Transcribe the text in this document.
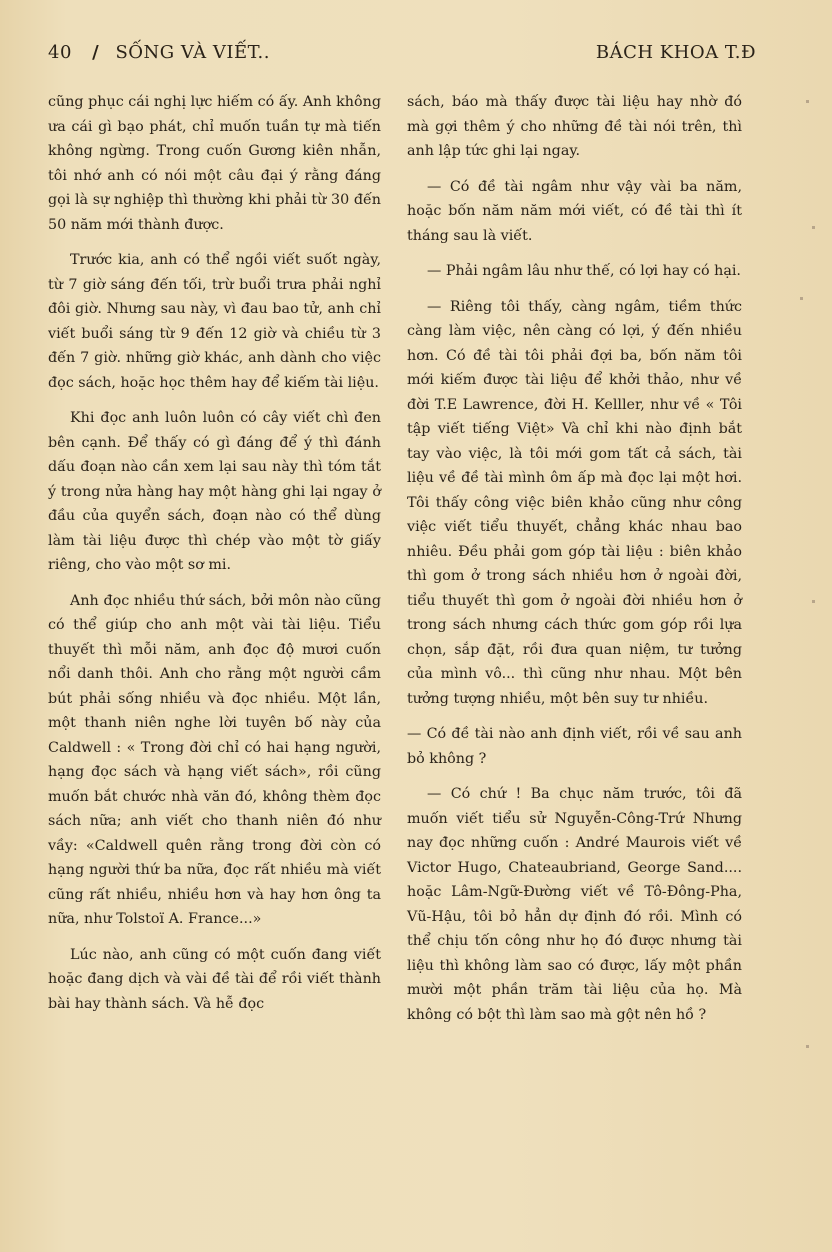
40 / SỐNG VÀ VIẾT..	BÁCH KHOA T.Đ

cũng phục cái nghị lực hiếm có ấy. Anh không ưa cái gì bạo phát, chỉ muốn tuần tự mà tiến không ngừng. Trong cuốn Gương kiên nhẫn, tôi nhớ anh có nói một câu đại ý rằng đáng gọi là sự nghiệp thì thường khi phải từ 30 đến 50 năm mới thành được.

Trước kia, anh có thể ngồi viết suốt ngày, từ 7 giờ sáng đến tối, trừ buổi trưa phải nghỉ đôi giờ. Nhưng sau này, vì đau bao tử, anh chỉ viết buổi sáng từ 9 đến 12 giờ và chiều từ 3 đến 7 giờ. những giờ khác, anh dành cho việc đọc sách, hoặc học thêm hay để kiếm tài liệu.

Khi đọc anh luôn luôn có cây viết chì đen bên cạnh. Để thấy có gì đáng để ý thì đánh dấu đoạn nào cần xem lại sau này thì tóm tắt ý trong nửa hàng hay một hàng ghi lại ngay ở đầu của quyển sách, đoạn nào có thể dùng làm tài liệu được thì chép vào một tờ giấy riêng, cho vào một sơ mi.

Anh đọc nhiều thứ sách, bởi môn nào cũng có thể giúp cho anh một vài tài liệu. Tiểu thuyết thì mỗi năm, anh đọc độ mươi cuốn nổi danh thôi. Anh cho rằng một người cầm bút phải sống nhiều và đọc nhiều. Một lần, một thanh niên nghe lời tuyên bố này của Caldwell : « Trong đời chỉ có hai hạng người, hạng đọc sách và hạng viết sách», rồi cũng muốn bắt chước nhà văn đó, không thèm đọc sách nữa; anh viết cho thanh niên đó như vầy: «Caldwell quên rằng trong đời còn có hạng người thứ ba nữa, đọc rất nhiều mà viết cũng rất nhiều, nhiều hơn và hay hơn ông ta nữa, như Tolstoï A. France...»

Lúc nào, anh cũng có một cuốn đang viết hoặc đang dịch và vài đề tài để rồi viết thành bài hay thành sách. Và hễ đọc

sách, báo mà thấy được tài liệu hay nhờ đó mà gợi thêm ý cho những đề tài nói trên, thì anh lập tức ghi lại ngay.

— Có đề tài ngâm như vậy vài ba năm, hoặc bốn năm năm mới viết, có đề tài thì ít tháng sau là viết.

— Phải ngâm lâu như thế, có lợi hay có hại.

— Riêng tôi thấy, càng ngâm, tiềm thức càng làm việc, nên càng có lợi, ý đến nhiều hơn. Có đề tài tôi phải đợi ba, bốn năm tôi mới kiếm được tài liệu để khởi thảo, như về đời T.E Lawrence, đời H. Kelller, như về « Tôi tập viết tiếng Việt» Và chỉ khi nào định bắt tay vào việc, là tôi mới gom tất cả sách, tài liệu về đề tài mình ôm ấp mà đọc lại một hơi. Tôi thấy công việc biên khảo cũng như công việc viết tiểu thuyết, chẳng khác nhau bao nhiêu. Đều phải gom góp tài liệu : biên khảo thì gom ở trong sách nhiều hơn ở ngoài đời, tiểu thuyết thì gom ở ngoài đời nhiều hơn ở trong sách nhưng cách thức gom góp rồi lựa chọn, sắp đặt, rồi đưa quan niệm, tư tưởng của mình vô... thì cũng như nhau. Một bên tưởng tượng nhiều, một bên suy tư nhiều.

— Có đề tài nào anh định viết, rồi về sau anh bỏ không ?

— Có chứ ! Ba chục năm trước, tôi đã muốn viết tiểu sử Nguyễn-Công-Trứ Nhưng nay đọc những cuốn : André Maurois viết về Victor Hugo, Chateaubriand, George Sand.... hoặc Lâm-Ngữ-Đường viết về Tô-Đông-Pha, Vũ-Hậu, tôi bỏ hẳn dự định đó rồi. Mình có thể chịu tốn công như họ đó được nhưng tài liệu thì không làm sao có được, lấy một phần mười một phần trăm tài liệu của họ. Mà không có bột thì làm sao mà gột nên hồ ?
